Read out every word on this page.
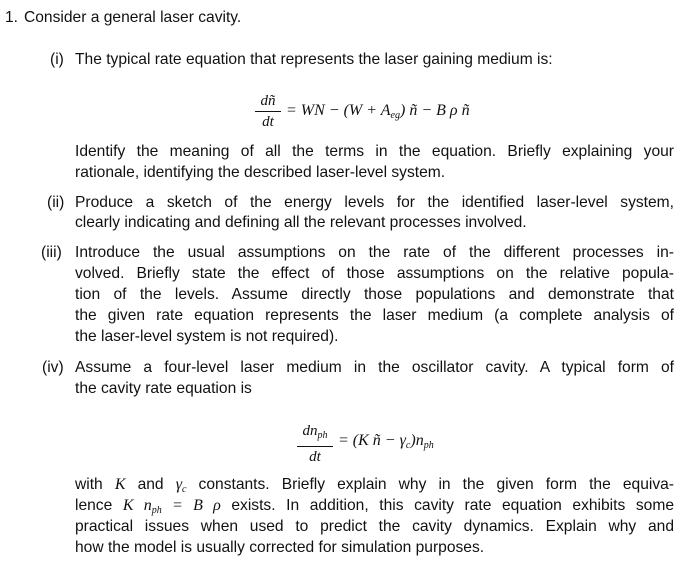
1. Consider a general laser cavity.
(i) The typical rate equation that represents the laser gaining medium is:
dñ
dt
= WN − $(W + A_{eg})$ ñ − B ρ ñ
Identify the meaning of all the terms in the equation. Briefly explaining your
rationale, identifying the described laser-level system.
(ii) Produce a sketch of the energy levels for the identified laser-level system,
clearly indicating and defining all the relevant processes involved.
(iii) Introduce the usual assumptions on the rate of the different processes in-
volved. Briefly state the effect of those assumptions on the relative popula-
tion of the levels. Assume directly those populations and demonstrate that
the given rate equation represents the laser medium (a complete analysis of
the laser-level system is not required).
(iv) Assume a four-level laser medium in the oscillator cavity. A typical form of
the cavity rate equation is
$dn_{ph}$
dt
= (K ñ − $\gamma_c)n_{ph}$
with K and $\gamma_c$ constants. Briefly explain why in the given form the equiva-
lence K $n_{ph} = B$ ρ exists. In addition, this cavity rate equation exhibits some
practical issues when used to predict the cavity dynamics. Explain why and
how the model is usually corrected for simulation purposes.
